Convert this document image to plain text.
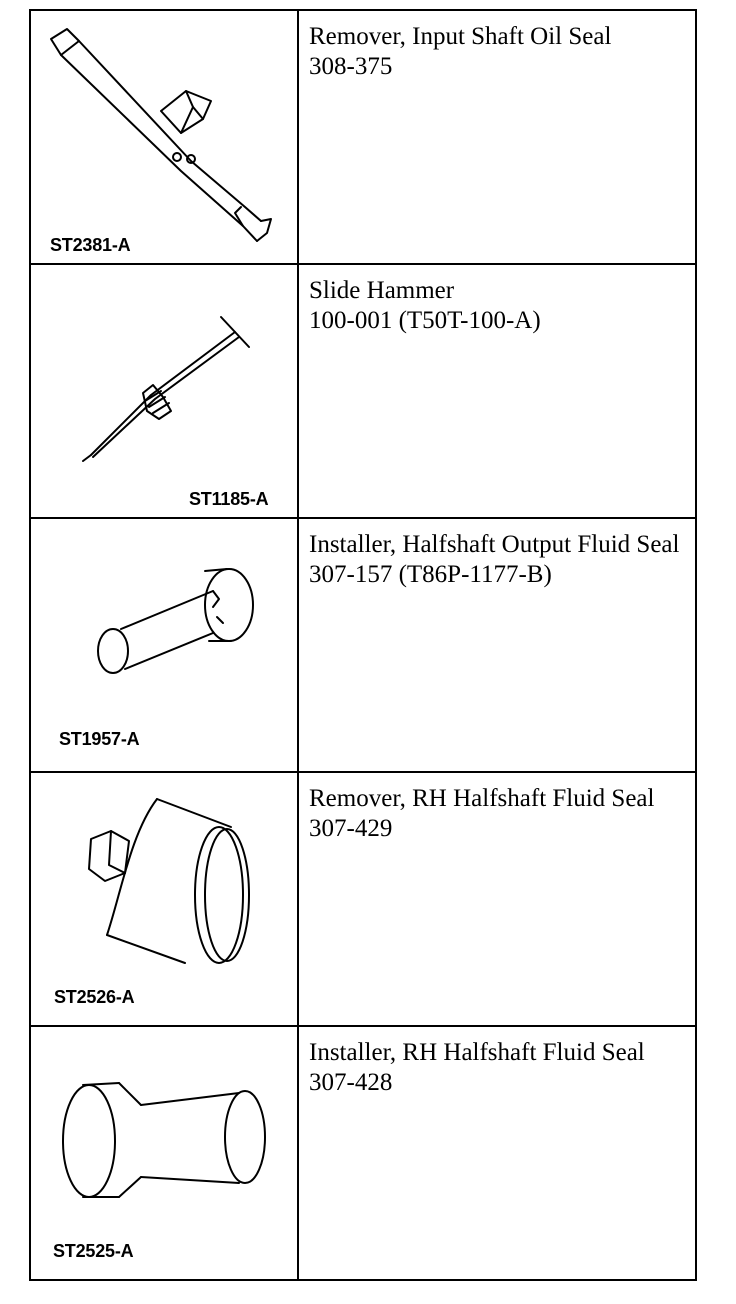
ST2381-A	Remover, Input Shaft Oil Seal
308-375

ST1185-A	Slide Hammer
100-001 (T50T-100-A)

ST1957-A	Installer, Halfshaft Output Fluid Seal
307-157 (T86P-1177-B)

ST2526-A	Remover, RH Halfshaft Fluid Seal
307-429

ST2525-A	Installer, RH Halfshaft Fluid Seal
307-428
